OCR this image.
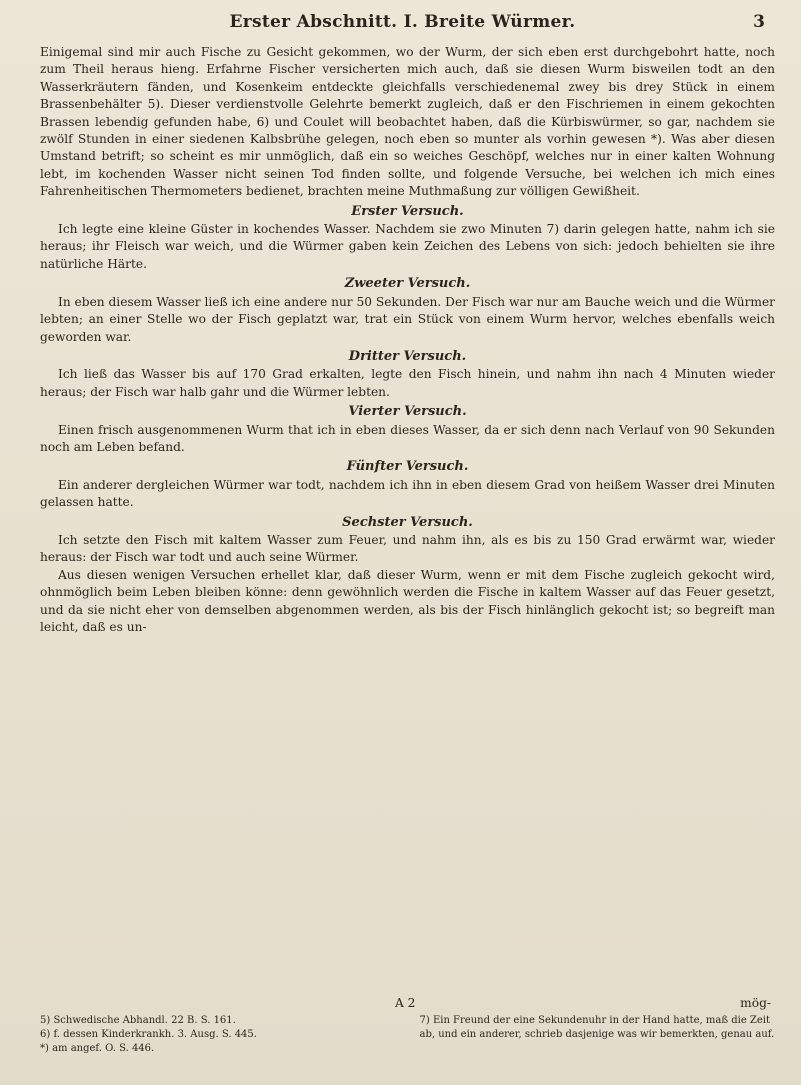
Erster Abschnitt. I. Breite Würmer.	3

Einigemal sind mir auch Fische zu Gesicht gekommen, wo der Wurm, der sich eben erst durchgebohrt hatte, noch zum Theil heraus hieng. Erfahrne Fischer versicherten mich auch, daß sie diesen Wurm bisweilen todt an den Wasserkräutern fänden, und Kosenkeim entdeckte gleichfalls verschiedenemal zwey bis drey Stück in einem Brassenbehälter 5). Dieser verdienstvolle Gelehrte bemerkt zugleich, daß er den Fischriemen in einem gekochten Brassen lebendig gefunden habe, 6) und Coulet will beobachtet haben, daß die Kürbiswürmer, so gar, nachdem sie zwölf Stunden in einer siedenen Kalbsbrühe gelegen, noch eben so munter als vorhin gewesen *). Was aber diesen Umstand betrift; so scheint es mir unmöglich, daß ein so weiches Geschöpf, welches nur in einer kalten Wohnung lebt, im kochenden Wasser nicht seinen Tod finden sollte, und folgende Versuche, bei welchen ich mich eines Fahrenheitischen Thermometers bedienet, brachten meine Muthmaßung zur völligen Gewißheit.

Erster Versuch.

Ich legte eine kleine Güster in kochendes Wasser. Nachdem sie zwo Minuten 7) darin gelegen hatte, nahm ich sie heraus; ihr Fleisch war weich, und die Würmer gaben kein Zeichen des Lebens von sich: jedoch behielten sie ihre natürliche Härte.

Zweeter Versuch.

In eben diesem Wasser ließ ich eine andere nur 50 Sekunden. Der Fisch war nur am Bauche weich und die Würmer lebten; an einer Stelle wo der Fisch geplatzt war, trat ein Stück von einem Wurm hervor, welches ebenfalls weich geworden war.

Dritter Versuch.

Ich ließ das Wasser bis auf 170 Grad erkalten, legte den Fisch hinein, und nahm ihn nach 4 Minuten wieder heraus; der Fisch war halb gahr und die Würmer lebten.

Vierter Versuch.

Einen frisch ausgenommenen Wurm that ich in eben dieses Wasser, da er sich denn nach Verlauf von 90 Sekunden noch am Leben befand.

Fünfter Versuch.

Ein anderer dergleichen Würmer war todt, nachdem ich ihn in eben diesem Grad von heißem Wasser drei Minuten gelassen hatte.

Sechster Versuch.

Ich setzte den Fisch mit kaltem Wasser zum Feuer, und nahm ihn, als es bis zu 150 Grad erwärmt war, wieder heraus: der Fisch war todt und auch seine Würmer.

Aus diesen wenigen Versuchen erhellet klar, daß dieser Wurm, wenn er mit dem Fische zugleich gekocht wird, ohnmöglich beim Leben bleiben könne: denn gewöhnlich werden die Fische in kaltem Wasser auf das Feuer gesetzt, und da sie nicht eher von demselben abgenommen werden, als bis der Fisch hinlänglich gekocht ist; so begreift man leicht, daß es un-

A 2	mög-

5) Schwedische Abhandl. 22 B. S. 161.

6) f. dessen Kinderkrankh. 3. Ausg. S. 445.

*) am angef. O. S. 446.

7) Ein Freund der eine Sekundenuhr in der Hand hatte, maß die Zeit ab, und ein anderer, schrieb dasjenige was wir bemerkten, genau auf.
